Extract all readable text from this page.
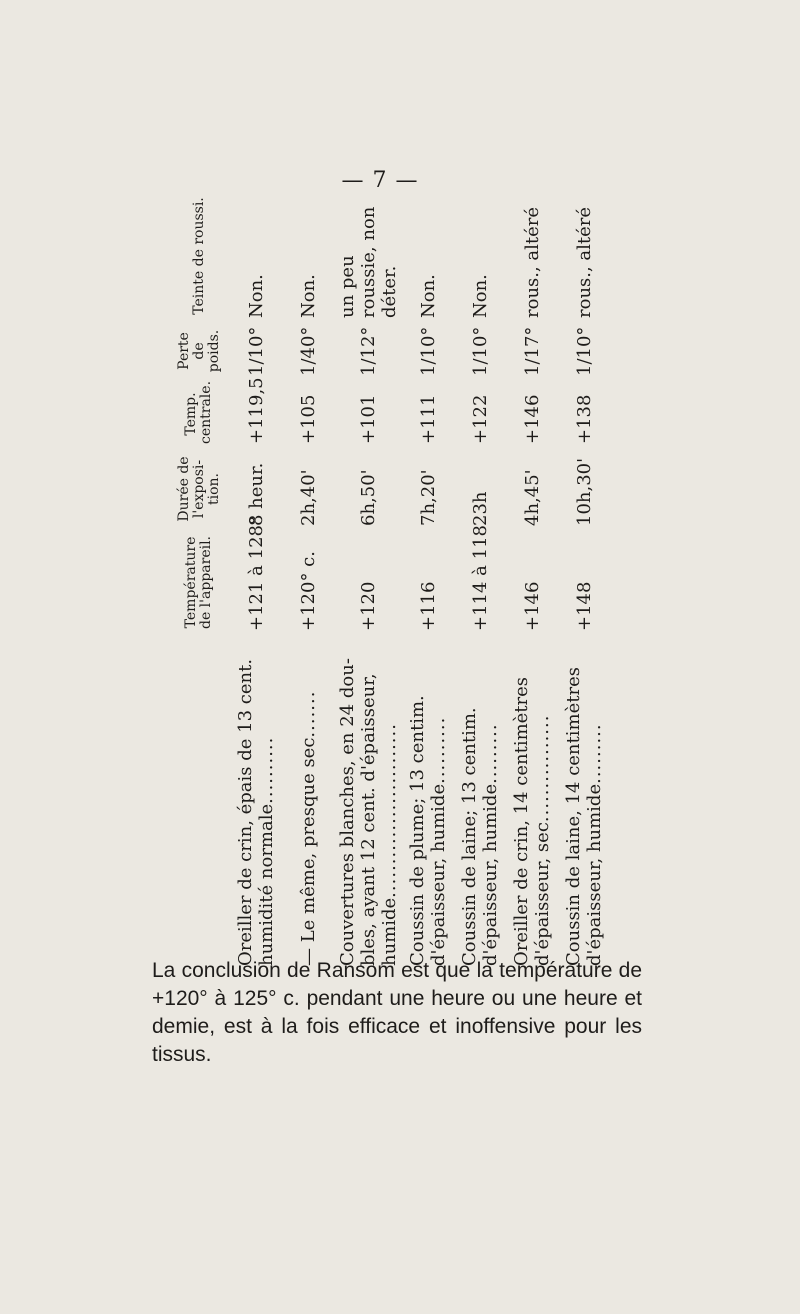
— 7 —
	Température de l'appareil.	Durée de l'exposi- tion.	Temp. centrale.	Perte de poids.	Teinte de roussi.
Oreiller de crin, épais de 13 cent. humidité normale..........	+121 à 128°	8 heur.	+119,5	1/10°	Non.
— Le même, presque sec.......	+120° c.	2h,40'	+105	1/40°	Non.
Couvertures blanches, en 24 dou- bles, ayant 12 cent. d'épaisseur, humide..........................	+120	6h,50'	+101	1/12°	un peu roussie, non déter.
Coussin de plume; 13 centim. d'épaisseur, humide..........	+116	7h,20'	+111	1/10°	Non.
Coussin de laine; 13 centim. d'épaisseur, humide.........	+114 à 118	23h	+122	1/10°	Non.
Oreiller de crin, 14 centimètres d'épaisseur, sec................	+146	4h,45'	+146	1/17°	rous., altéré
Coussin de laine, 14 centimètres d'épaisseur, humide.........	+148	10h,30'	+138	1/10°	rous., altéré

La conclusion de Ransom est que la température de +120° à 125° c. pendant une heure ou une heure et demie, est à la fois efficace et inoffensive pour les tissus.
